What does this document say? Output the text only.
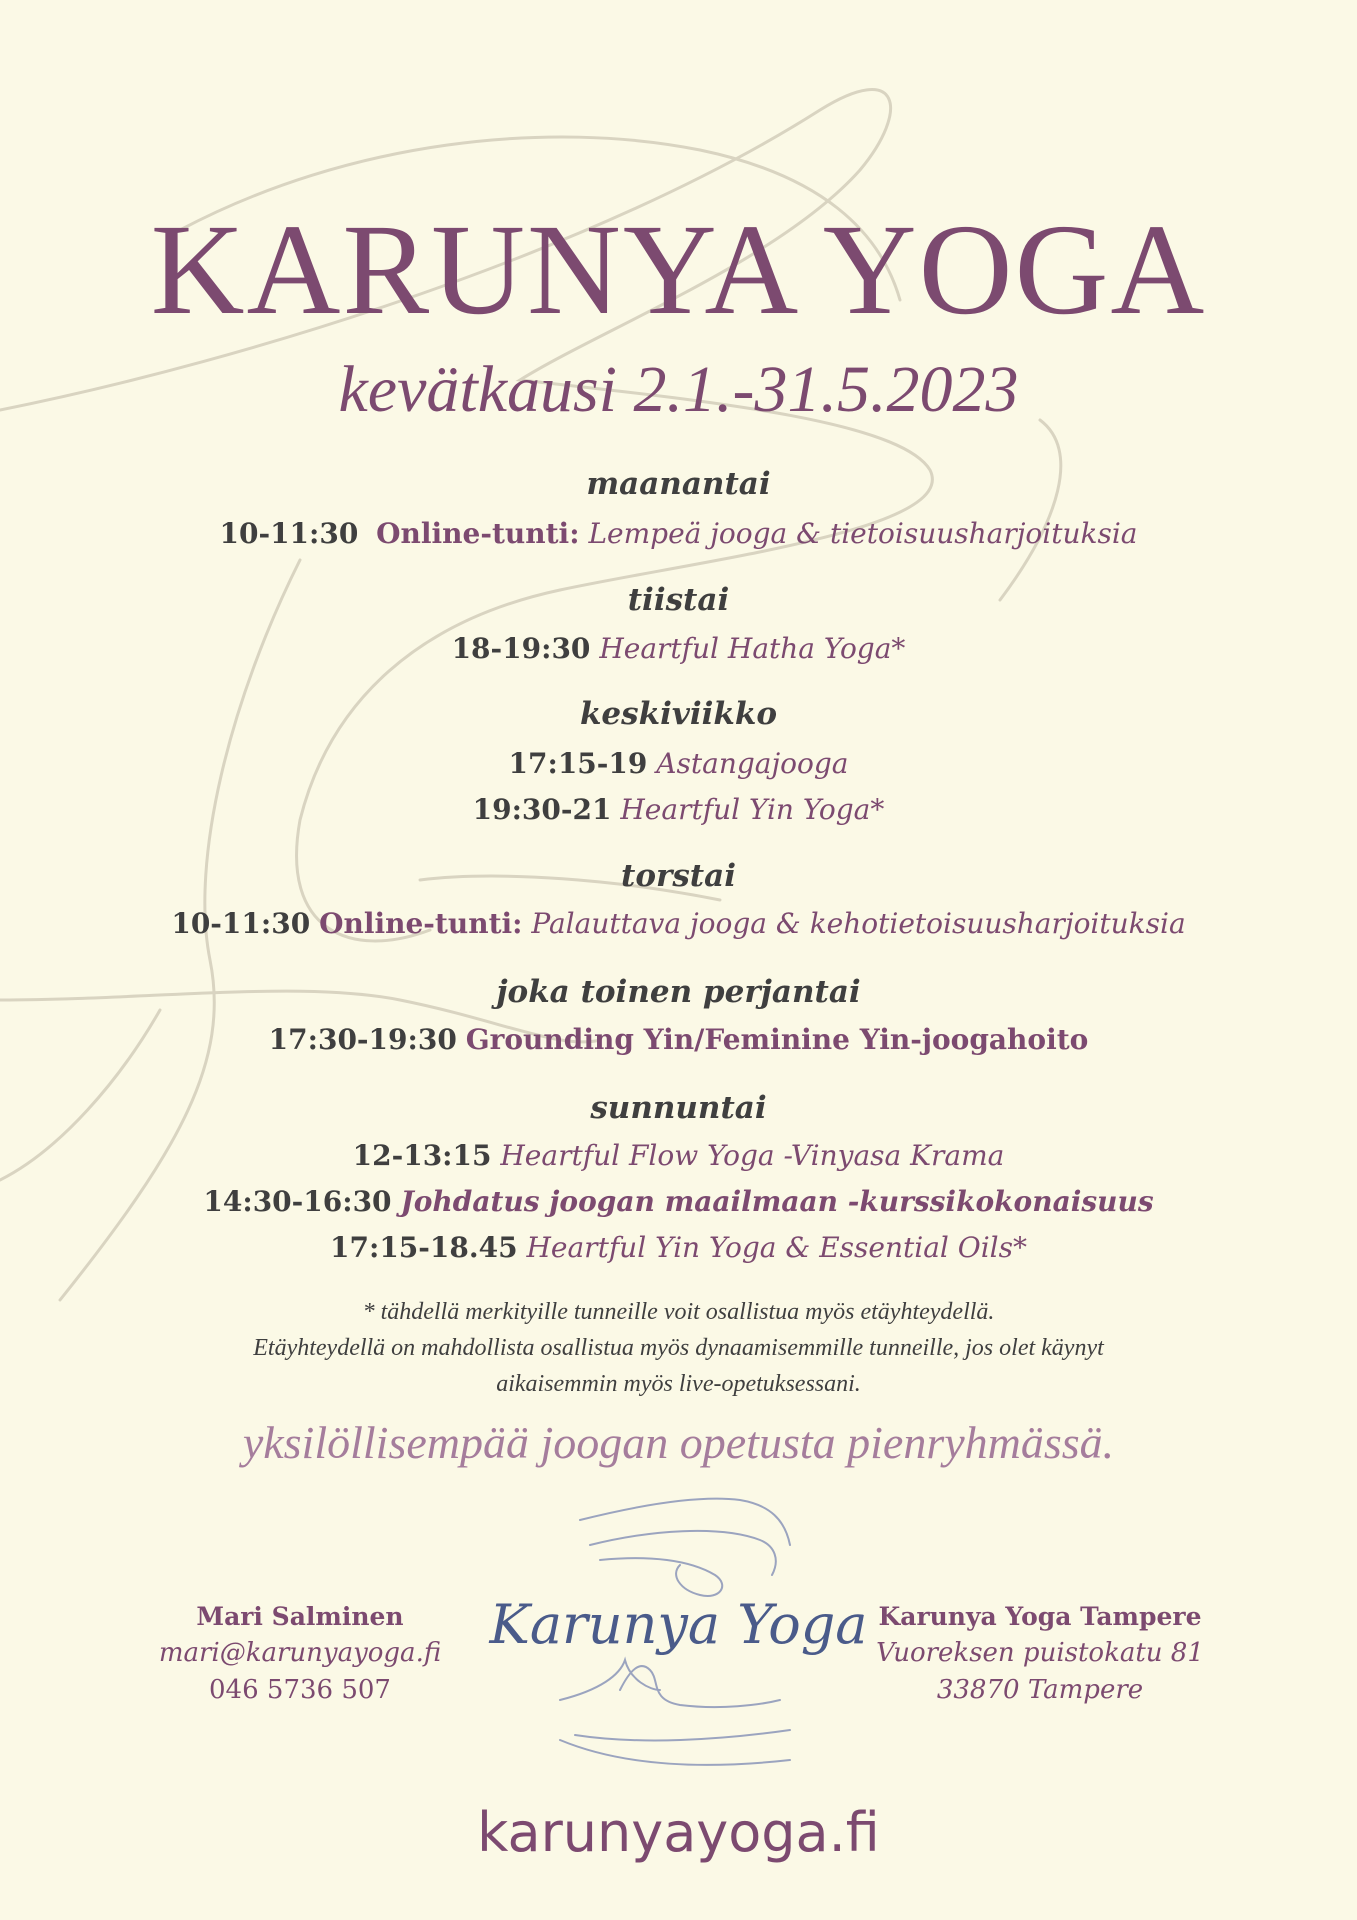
KARUNYA YOGA
kevätkausi 2.1.-31.5.2023
maanantai
10-11:30 Online-tunti: Lempeä jooga & tietoisuusharjoituksia
tiistai
18-19:30 Heartful Hatha Yoga*
keskiviikko
17:15-19 Astangajooga
19:30-21 Heartful Yin Yoga*
torstai
10-11:30 Online-tunti: Palauttava jooga & kehotietoisuusharjoituksia
joka toinen perjantai
17:30-19:30 Grounding Yin/Feminine Yin-joogahoito
sunnuntai
12-13:15 Heartful Flow Yoga -Vinyasa Krama
14:30-16:30 Johdatus joogan maailmaan -kurssikokonaisuus
17:15-18.45 Heartful Yin Yoga & Essential Oils*
* tähdellä merkityille tunneille voit osallistua myös etäyhteydellä.
Etäyhteydellä on mahdollista osallistua myös dynaamisemmille tunneille, jos olet käynyt
aikaisemmin myös live-opetuksessani.
yksilöllisempää joogan opetusta pienryhmässä.
Mari Salminen
mari@karunyayoga.fi
046 5736 507
Karunya Yoga Karunya Yoga Tampere
Vuoreksen puistokatu 81
33870 Tampere
karunyayoga.fi
